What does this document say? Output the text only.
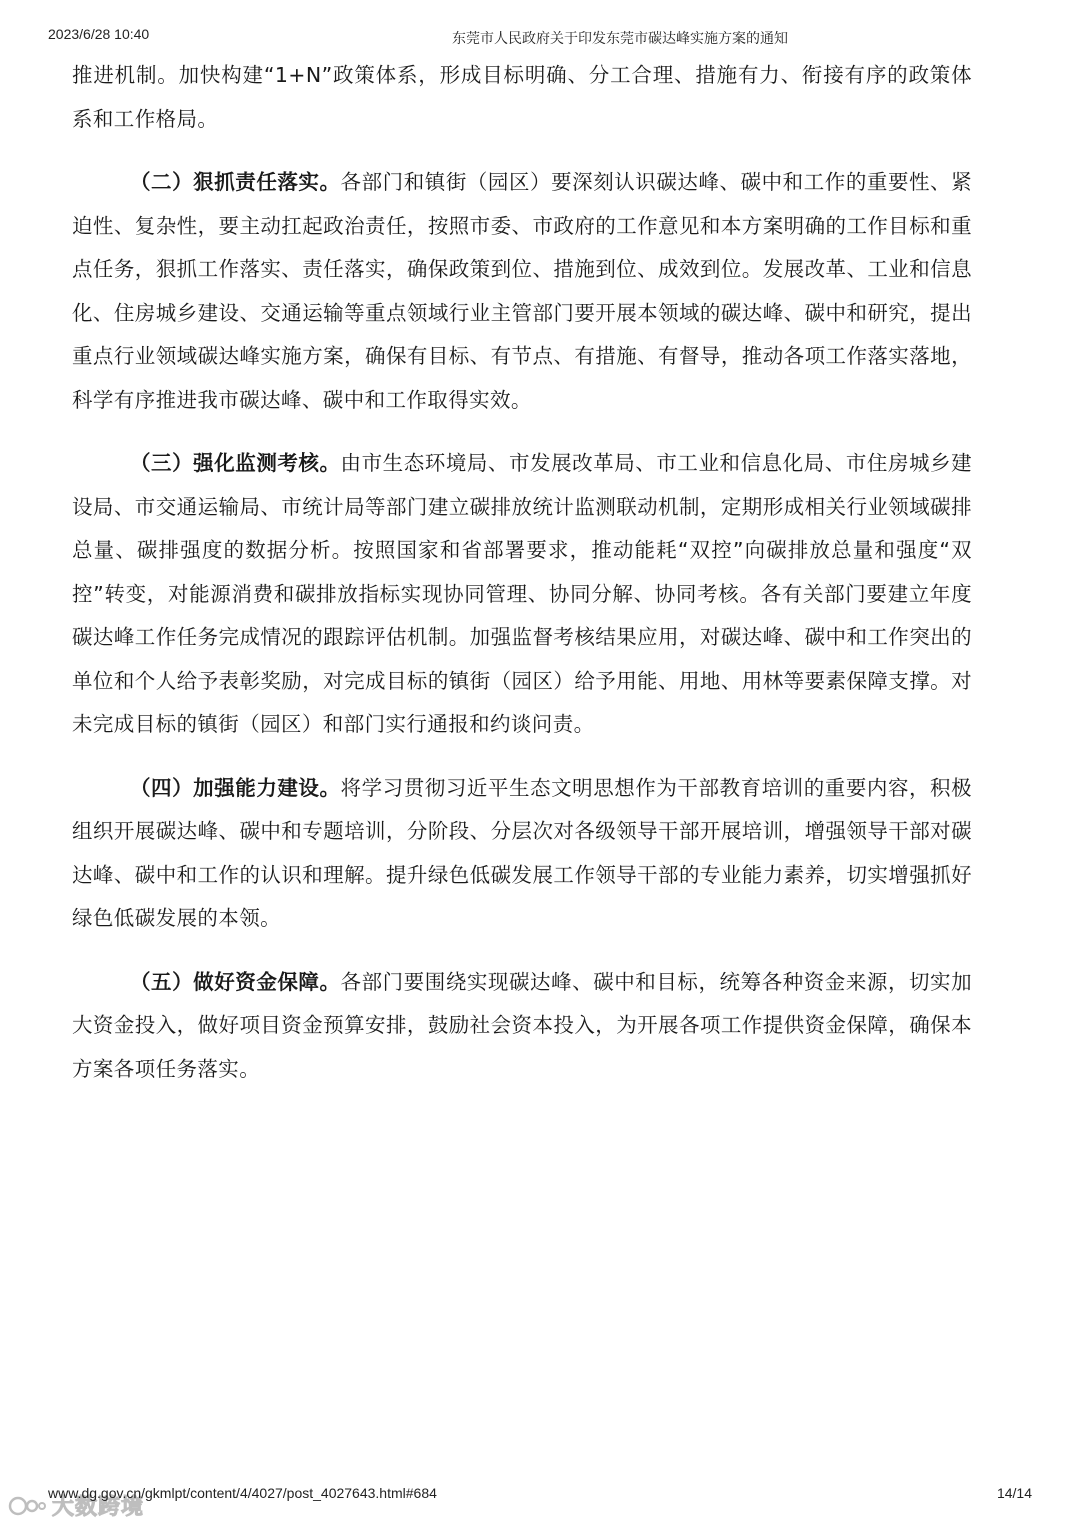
2023/6/28 10:40	东莞市人民政府关于印发东莞市碳达峰实施方案的通知

推进机制。加快构建“1+N”政策体系，形成目标明确、分工合理、措施有力、衔接有序的政策体系和工作格局。

（二）狠抓责任落实。各部门和镇街（园区）要深刻认识碳达峰、碳中和工作的重要性、紧迫性、复杂性，要主动扛起政治责任，按照市委、市政府的工作意见和本方案明确的工作目标和重点任务，狠抓工作落实、责任落实，确保政策到位、措施到位、成效到位。发展改革、工业和信息化、住房城乡建设、交通运输等重点领域行业主管部门要开展本领域的碳达峰、碳中和研究，提出重点行业领域碳达峰实施方案，确保有目标、有节点、有措施、有督导，推动各项工作落实落地，科学有序推进我市碳达峰、碳中和工作取得实效。

（三）强化监测考核。由市生态环境局、市发展改革局、市工业和信息化局、市住房城乡建设局、市交通运输局、市统计局等部门建立碳排放统计监测联动机制，定期形成相关行业领域碳排总量、碳排强度的数据分析。按照国家和省部署要求，推动能耗“双控”向碳排放总量和强度“双控”转变，对能源消费和碳排放指标实现协同管理、协同分解、协同考核。各有关部门要建立年度碳达峰工作任务完成情况的跟踪评估机制。加强监督考核结果应用，对碳达峰、碳中和工作突出的单位和个人给予表彰奖励，对完成目标的镇街（园区）给予用能、用地、用林等要素保障支撑。对未完成目标的镇街（园区）和部门实行通报和约谈问责。

（四）加强能力建设。将学习贯彻习近平生态文明思想作为干部教育培训的重要内容，积极组织开展碳达峰、碳中和专题培训，分阶段、分层次对各级领导干部开展培训，增强领导干部对碳达峰、碳中和工作的认识和理解。提升绿色低碳发展工作领导干部的专业能力素养，切实增强抓好绿色低碳发展的本领。

（五）做好资金保障。各部门要围绕实现碳达峰、碳中和目标，统筹各种资金来源，切实加大资金投入，做好项目资金预算安排，鼓励社会资本投入，为开展各项工作提供资金保障，确保本方案各项任务落实。

大数跨境
www.dg.gov.cn/gkmlpt/content/4/4027/post_4027643.html#684	14/14
